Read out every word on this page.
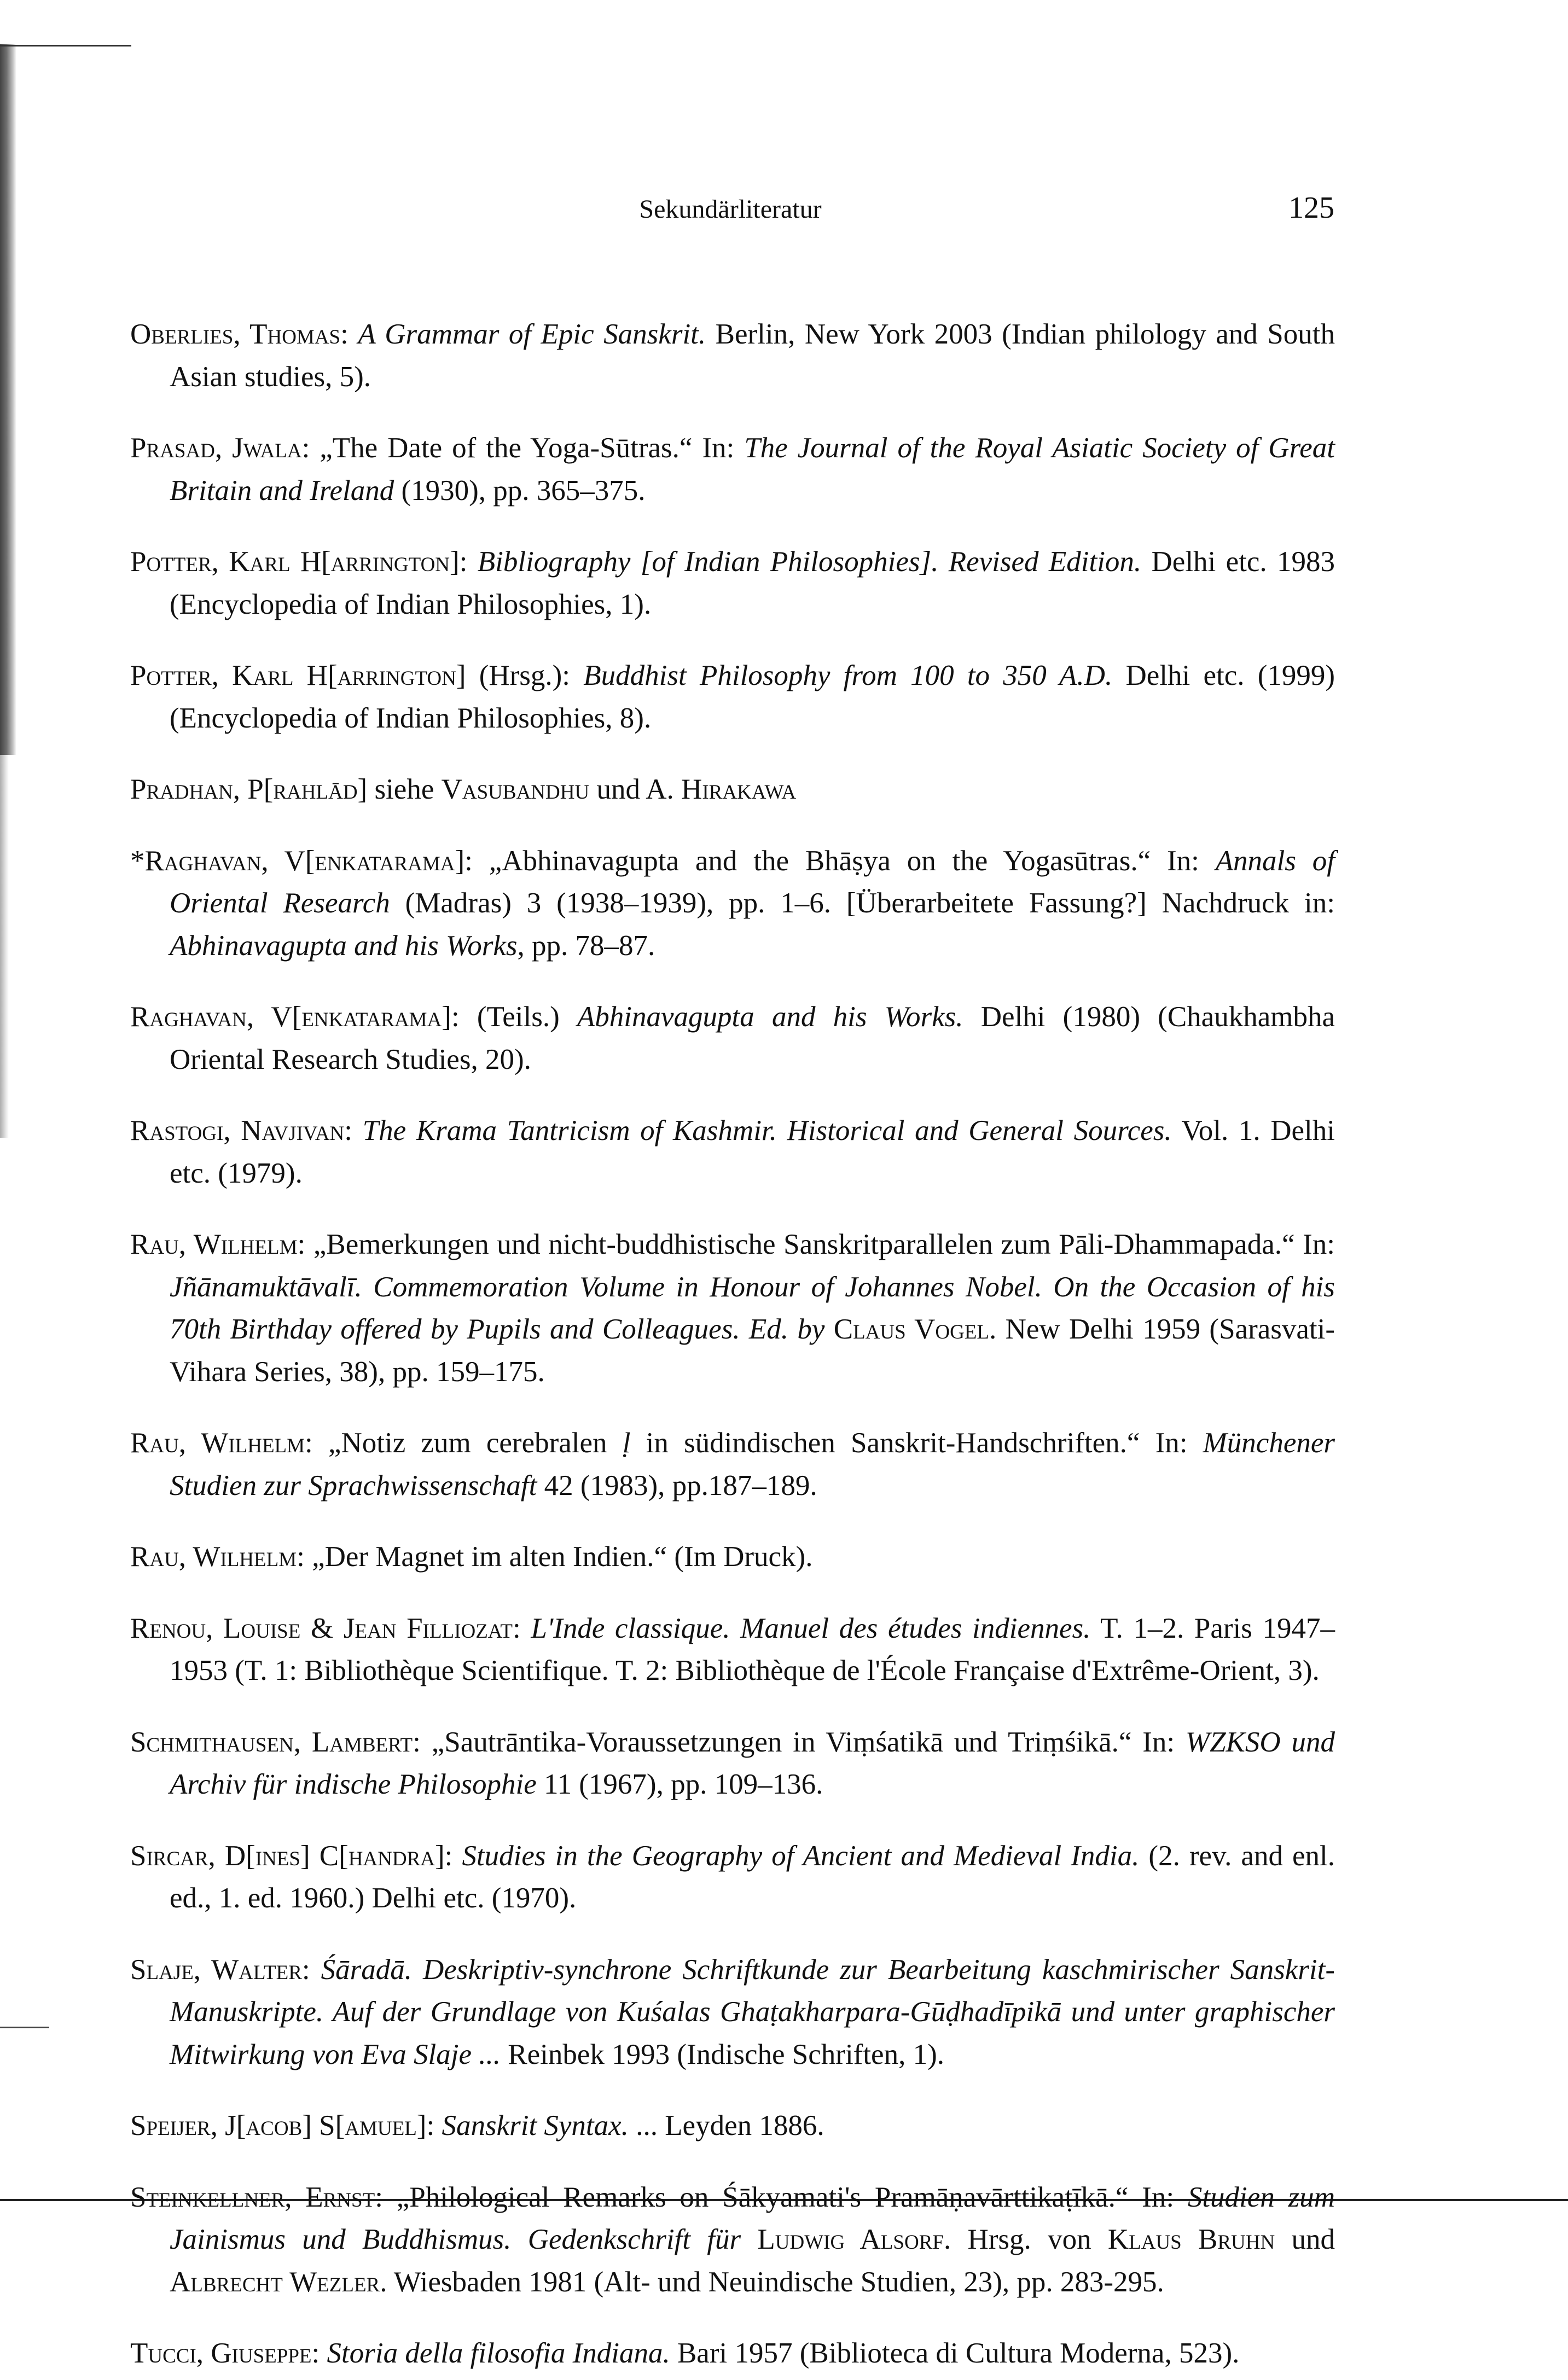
Sekundärliteratur	125

Oberlies, Thomas: A Grammar of Epic Sanskrit. Berlin, New York 2003 (Indian philology and South Asian studies, 5).

Prasad, Jwala: „The Date of the Yoga-Sūtras.“ In: The Journal of the Royal Asiatic Society of Great Britain and Ireland (1930), pp. 365–375.

Potter, Karl H[arrington]: Bibliography [of Indian Philosophies]. Revised Edition. Delhi etc. 1983 (Encyclopedia of Indian Philosophies, 1).

Potter, Karl H[arrington] (Hrsg.): Buddhist Philosophy from 100 to 350 A.D. Delhi etc. (1999) (Encyclopedia of Indian Philosophies, 8).

Pradhan, P[rahlād] siehe Vasubandhu und A. Hirakawa

*Raghavan, V[enkatarama]: „Abhinavagupta and the Bhāṣya on the Yogasūtras.“ In: Annals of Oriental Research (Madras) 3 (1938–1939), pp. 1–6. [Überarbeitete Fassung?] Nachdruck in: Abhinavagupta and his Works, pp. 78–87.

Raghavan, V[enkatarama]: (Teils.) Abhinavagupta and his Works. Delhi (1980) (Chaukhambha Oriental Research Studies, 20).

Rastogi, Navjivan: The Krama Tantricism of Kashmir. Historical and General Sources. Vol. 1. Delhi etc. (1979).

Rau, Wilhelm: „Bemerkungen und nicht-buddhistische Sanskritparallelen zum Pāli-Dhammapada.“ In: Jñānamuktāvalī. Commemoration Volume in Honour of Johannes Nobel. On the Occasion of his 70th Birthday offered by Pupils and Colleagues. Ed. by Claus Vogel. New Delhi 1959 (Sarasvati-Vihara Series, 38), pp. 159–175.

Rau, Wilhelm: „Notiz zum cerebralen ḷ in südindischen Sanskrit-Handschriften.“ In: Münchener Studien zur Sprachwissenschaft 42 (1983), pp.187–189.

Rau, Wilhelm: „Der Magnet im alten Indien.“ (Im Druck).

Renou, Louise & Jean Filliozat: L'Inde classique. Manuel des études indiennes. T. 1–2. Paris 1947–1953 (T. 1: Bibliothèque Scientifique. T. 2: Bibliothèque de l'École Française d'Extrême-Orient, 3).

Schmithausen, Lambert: „Sautrāntika-Voraussetzungen in Viṃśatikā und Triṃśikā.“ In: WZKSO und Archiv für indische Philosophie 11 (1967), pp. 109–136.

Sircar, D[ines] C[handra]: Studies in the Geography of Ancient and Medieval India. (2. rev. and enl. ed., 1. ed. 1960.) Delhi etc. (1970).

Slaje, Walter: Śāradā. Deskriptiv-synchrone Schriftkunde zur Bearbeitung kaschmirischer Sanskrit-Manuskripte. Auf der Grundlage von Kuśalas Ghaṭakharpara-Gūḍhadīpikā und unter graphischer Mitwirkung von Eva Slaje ... Reinbek 1993 (Indische Schriften, 1).

Speijer, J[acob] S[amuel]: Sanskrit Syntax. ... Leyden 1886.

Steinkellner, Ernst: „Philological Remarks on Śākyamati's Pramāṇavārttikaṭīkā.“ In: Studien zum Jainismus und Buddhismus. Gedenkschrift für Ludwig Alsorf. Hrsg. von Klaus Bruhn und Albrecht Wezler. Wiesbaden 1981 (Alt- und Neuindische Studien, 23), pp. 283-295.

Tucci, Giuseppe: Storia della filosofia Indiana. Bari 1957 (Biblioteca di Cultura Moderna, 523).
